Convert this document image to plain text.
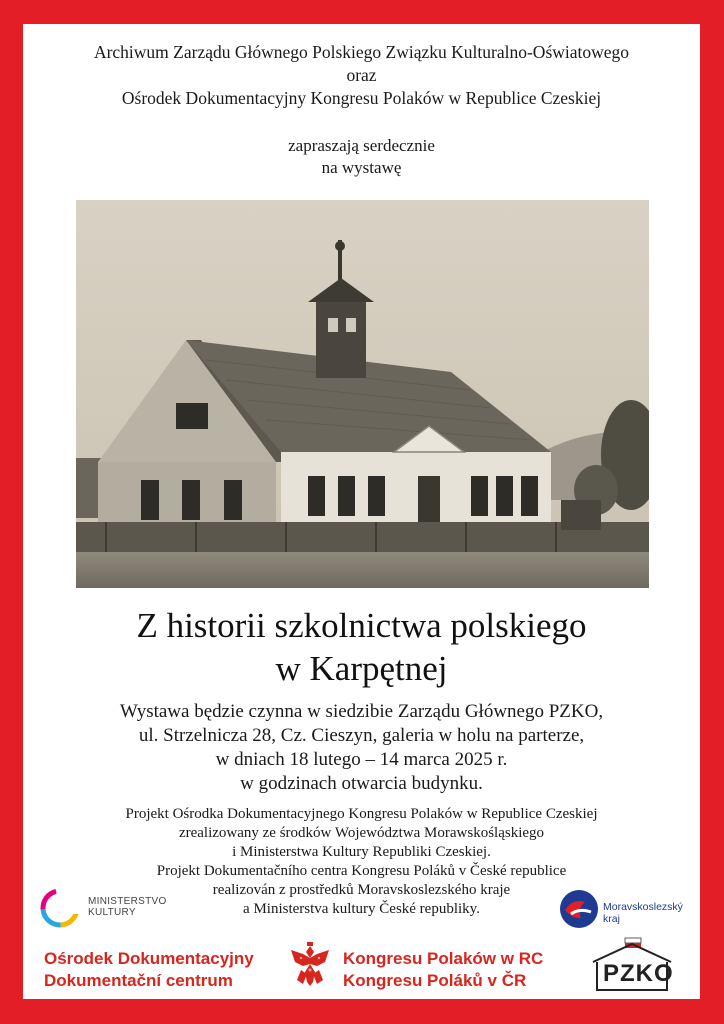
Archiwum Zarządu Głównego Polskiego Związku Kulturalno-Oświatowego
oraz
Ośrodek Dokumentacyjny Kongresu Polaków w Republice Czeskiej
zapraszają serdecznie
na wystawę
Z historii szkolnictwa polskiego
w Karpętnej
Wystawa będzie czynna w siedzibie Zarządu Głównego PZKO,
ul. Strzelnicza 28, Cz. Cieszyn, galeria w holu na parterze,
w dniach 18 lutego – 14 marca 2025 r.
w godzinach otwarcia budynku.
Projekt Ośrodka Dokumentacyjnego Kongresu Polaków w Republice Czeskiej
zrealizowany ze środków Województwa Morawskośląskiego
i Ministerstwa Kultury Republiki Czeskiej.
Projekt Dokumentačního centra Kongresu Poláků v České republice
realizován z prostředků Moravskoslezského kraje
a Ministerstva kultury České republiky.
MINISTERSTVO
KULTURY	Moravskoslezský
kraj
Ośrodek Dokumentacyjny
Dokumentační centrum
Kongresu Polaków w RC
Kongresu Poláků v ČR	PZKO
